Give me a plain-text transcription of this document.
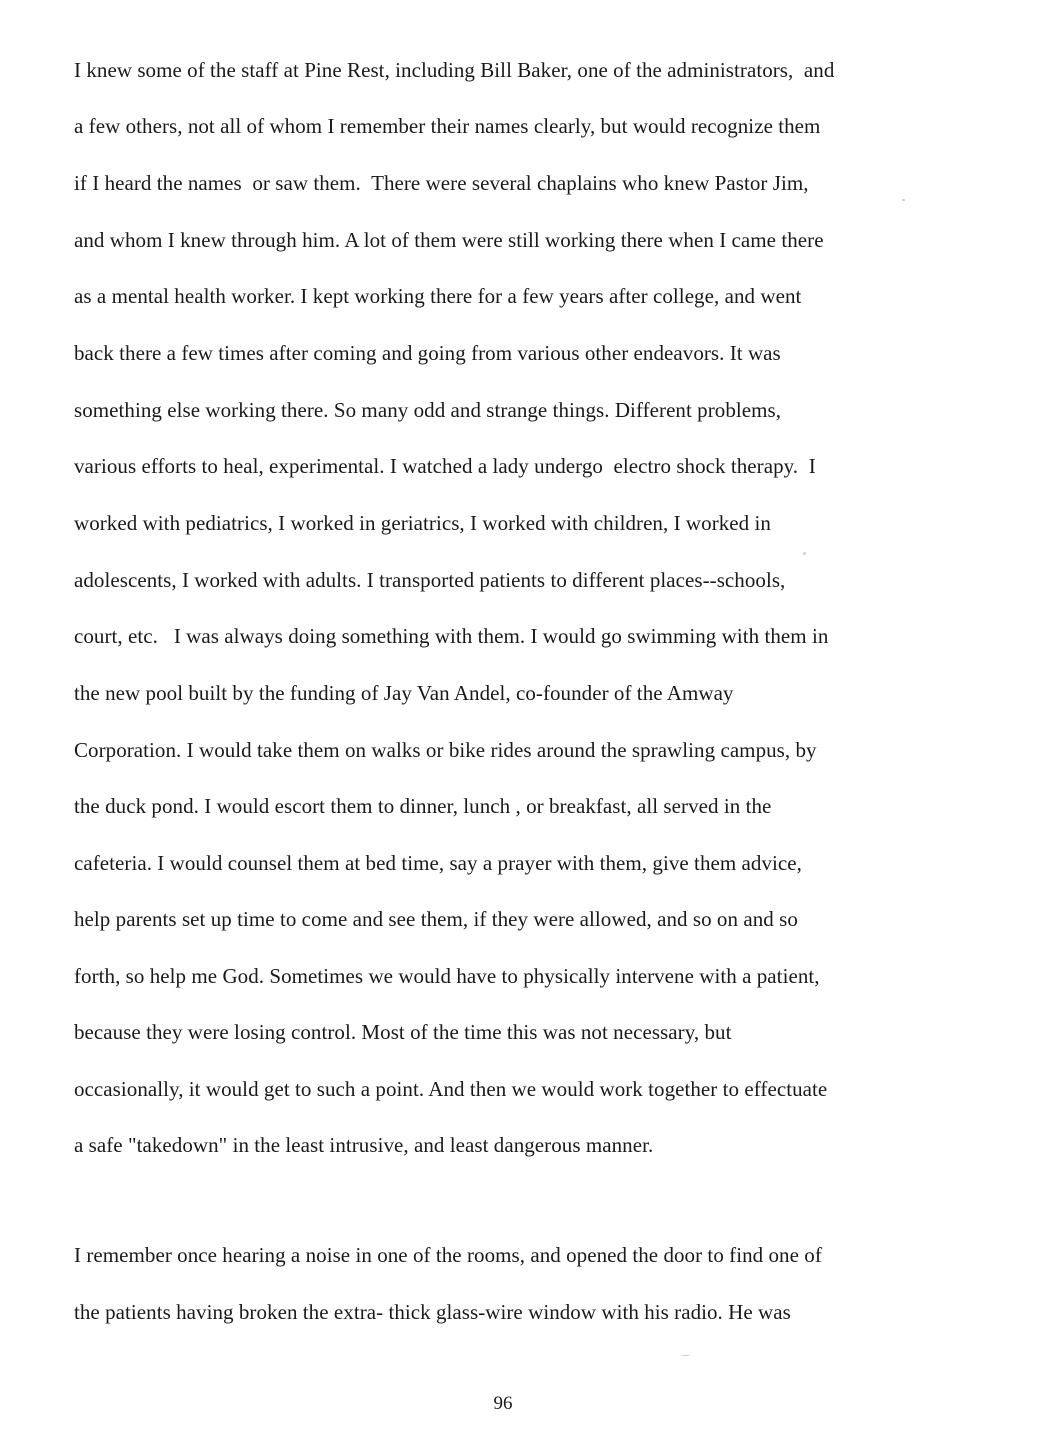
I knew some of the staff at Pine Rest, including Bill Baker, one of the administrators,  and
a few others, not all of whom I remember their names clearly, but would recognize them
if I heard the names  or saw them.  There were several chaplains who knew Pastor Jim,
and whom I knew through him. A lot of them were still working there when I came there
as a mental health worker. I kept working there for a few years after college, and went
back there a few times after coming and going from various other endeavors. It was
something else working there. So many odd and strange things. Different problems,
various efforts to heal, experimental. I watched a lady undergo  electro shock therapy.  I
worked with pediatrics, I worked in geriatrics, I worked with children, I worked in
adolescents, I worked with adults. I transported patients to different places--schools,
court, etc.   I was always doing something with them. I would go swimming with them in
the new pool built by the funding of Jay Van Andel, co-founder of the Amway
Corporation. I would take them on walks or bike rides around the sprawling campus, by
the duck pond. I would escort them to dinner, lunch , or breakfast, all served in the
cafeteria. I would counsel them at bed time, say a prayer with them, give them advice,
help parents set up time to come and see them, if they were allowed, and so on and so
forth, so help me God. Sometimes we would have to physically intervene with a patient,
because they were losing control. Most of the time this was not necessary, but
occasionally, it would get to such a point. And then we would work together to effectuate
a safe "takedown" in the least intrusive, and least dangerous manner.
I remember once hearing a noise in one of the rooms, and opened the door to find one of
the patients having broken the extra- thick glass-wire window with his radio. He was
96
